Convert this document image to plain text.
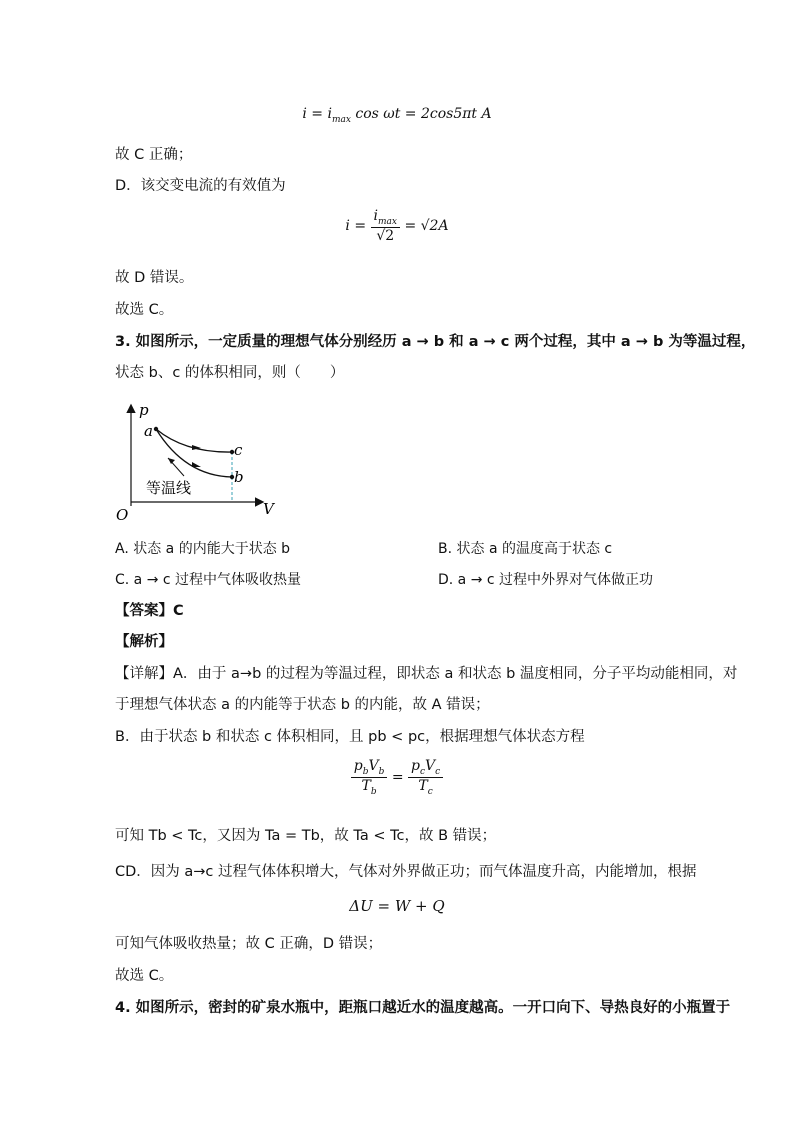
$i = i_{max}$ cos ωt = 2cos5πt A
故 C 正确；
D．该交变电流的有效值为
$i = \frac{i_{max}}{√2} = √2A$
故 D 错误。
故选 C。
3. 如图所示，一定质量的理想气体分别经历 a → b 和 a → c 两个过程，其中 a → b 为等温过程，
状态 b、c 的体积相同，则（　　）
p
V
O
a
c
b
等温线
A. 状态 a 的内能大于状态 b	B. 状态 a 的温度高于状态 c
C. a → c 过程中气体吸收热量	D. a → c 过程中外界对气体做正功
【答案】C
【解析】
【详解】A．由于 a→b 的过程为等温过程，即状态 a 和状态 b 温度相同，分子平均动能相同，对
于理想气体状态 a 的内能等于状态 b 的内能，故 A 错误；
B．由于状态 b 和状态 c 体积相同，且 pb < pc，根据理想气体状态方程
$\frac{p_bV_b}{T_b} = \frac{p_cV_c}{T_c}$
可知 Tb < Tc，又因为 Ta = Tb，故 Ta < Tc，故 B 错误；
CD．因为 a→c 过程气体体积增大，气体对外界做正功；而气体温度升高，内能增加，根据
ΔU = W + Q
可知气体吸收热量；故 C 正确，D 错误；
故选 C。
4. 如图所示，密封的矿泉水瓶中，距瓶口越近水的温度越高。一开口向下、导热良好的小瓶置于
